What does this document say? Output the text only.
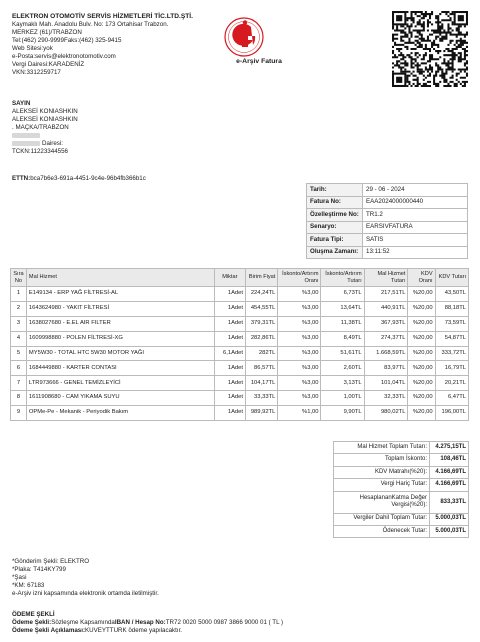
ELEKTRON OTOMOTİV SERVİS HİZMETLERİ TİC.LTD.ŞTİ.
Kaymaklı Mah. Anadolu Bulv. No: 173 Ortahisar Trabzon.
MERKEZ (61)/TRABZON
Tel:(462) 290-9999Faks:(462) 325-9415
Web Sitesi:yok
e-Posta:servis@elektronotomotiv.com
Vergi Dairesi:KARADENİZ
VKN:3312259717
e-Arşiv Fatura
SAYIN
ALEKSEİ KONIASHKIN
ALEKSEİ KONIASHKIN
. MAÇKA/TRABZON
Dairesi:
TCKN:11223344556
ETTN:bca7b6e3-691a-4451-9c4e-96b4fb366b1c
Tarih:	29 - 06 - 2024
Fatura No:	EAA2024000000440
Özelleştirme No:	TR1.2
Senaryo:	EARSIVFATURA
Fatura Tipi:	SATIS
Oluşma Zamanı:	13:11:52
Sıra No	Mal Hizmet	Miktar	Birim Fiyat	İskonto/Artırım Oranı	İskonto/Artırım Tutarı	Mal Hizmet Tutarı	KDV Oranı	KDV Tutarı
1	E149134 - ERP YAĞ FİLTRESİ-AL	1Adet	224,24TL	%3,00	6,73TL	217,51TL	%20,00	43,50TL
2	1643624980 - YAKIT FİLTRESİ	1Adet	454,55TL	%3,00	13,64TL	440,91TL	%20,00	88,18TL
3	1638027680 - E.EL AIR FILTER	1Adet	379,31TL	%3,00	11,38TL	367,93TL	%20,00	73,59TL
4	1609998880 - POLEN FİLTRESİ-XG	1Adet	282,86TL	%3,00	8,49TL	274,37TL	%20,00	54,87TL
5	MY5W30 - TOTAL HTC 5W30 MOTOR YAĞI	6,1Adet	282TL	%3,00	51,61TL	1.668,59TL	%20,00	333,72TL
6	1684449880 - KARTER CONTASI	1Adet	86,57TL	%3,00	2,60TL	83,97TL	%20,00	16,79TL
7	LTR973666 - GENEL TEMİZLEYİCİ	1Adet	104,17TL	%3,00	3,13TL	101,04TL	%20,00	20,21TL
8	1611908680 - CAM YIKAMA SUYU	1Adet	33,33TL	%3,00	1,00TL	32,33TL	%20,00	6,47TL
9	OPMe-Pe - Mekanik - Periyodik Bakım	1Adet	989,92TL	%1,00	9,90TL	980,02TL	%20,00	196,00TL
Mal Hizmet Toplam Tutarı:	4.275,15TL
Toplam İskonto:	108,46TL
KDV Matrahı(%20):	4.166,69TL
Vergi Hariç Tutar:	4.166,69TL
HesaplananKatma Değer Vergisi(%20):	833,33TL
Vergiler Dahil Toplam Tutar:	5.000,03TL
Ödenecek Tutar:	5.000,03TL
*Gönderim Şekli: ELEKTRO
*Plaka: T414KY799
*Şasi
*KM: 67183
e-Arşiv izni kapsamında elektronik ortamda iletilmiştir.
ÖDEME ŞEKLİ
Ödeme Şekli:Sözleşme KapsamındaIBAN / Hesap No:TR72 0020 5000 0987 3866 9000 01 ( TL )
Ödeme Şekli Açıklaması:KUVEYTTURK ödeme yapılacaktır.
